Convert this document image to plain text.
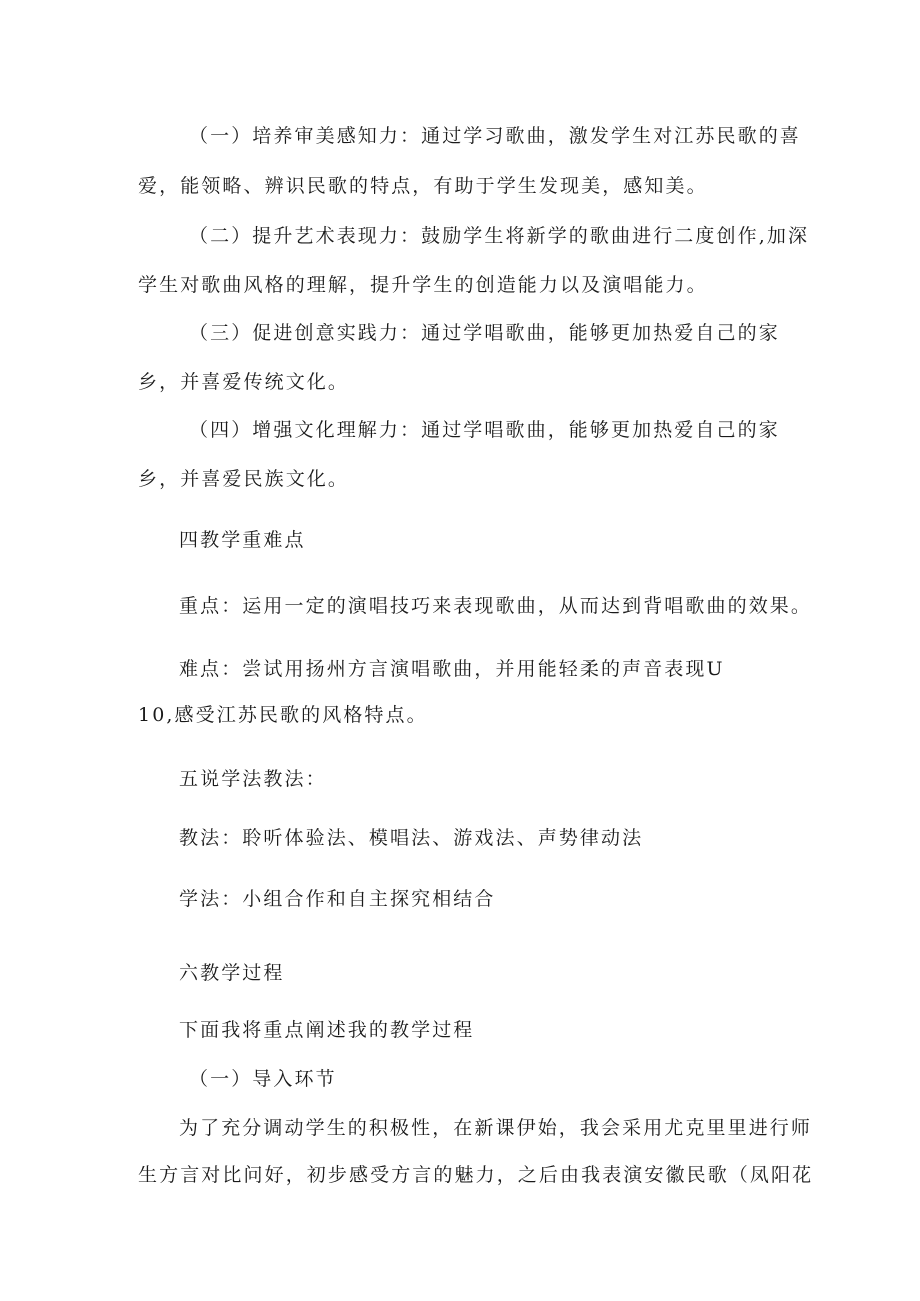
（一）培养审美感知力：通过学习歌曲，激发学生对江苏民歌的喜
爱，能领略、辨识民歌的特点，有助于学生发现美，感知美。
（二）提升艺术表现力：鼓励学生将新学的歌曲进行二度创作,加深
学生对歌曲风格的理解，提升学生的创造能力以及演唱能力。
（三）促进创意实践力：通过学唱歌曲，能够更加热爱自己的家
乡，并喜爱传统文化。
（四）增强文化理解力：通过学唱歌曲，能够更加热爱自己的家
乡，并喜爱民族文化。
四教学重难点
重点：运用一定的演唱技巧来表现歌曲，从而达到背唱歌曲的效果。
难点：尝试用扬州方言演唱歌曲，并用能轻柔的声音表现U
10,感受江苏民歌的风格特点。
五说学法教法：
教法：聆听体验法、模唱法、游戏法、声势律动法
学法：小组合作和自主探究相结合
六教学过程
下面我将重点阐述我的教学过程
（一）导入环节
为了充分调动学生的积极性，在新课伊始，我会采用尤克里里进行师
生方言对比问好，初步感受方言的魅力，之后由我表演安徽民歌（凤阳花
